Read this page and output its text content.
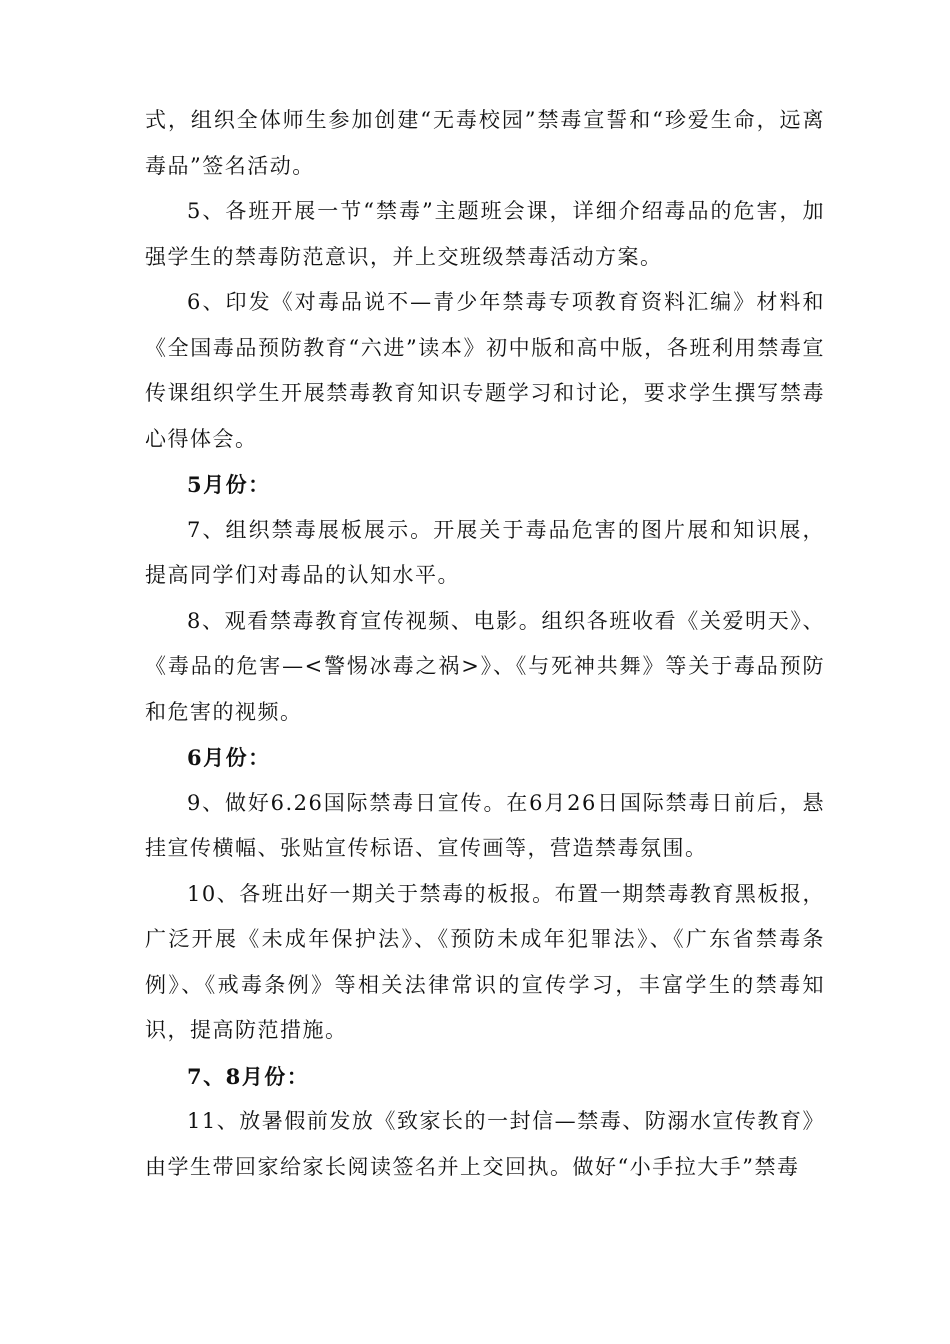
式，组织全体师生参加创建“无毒校园”禁毒宣誓和“珍爱生命，远离毒品”签名活动。

5、各班开展一节“禁毒”主题班会课，详细介绍毒品的危害，加强学生的禁毒防范意识，并上交班级禁毒活动方案。

6、印发《对毒品说不—青少年禁毒专项教育资料汇编》材料和《全国毒品预防教育“六进”读本》初中版和高中版，各班利用禁毒宣传课组织学生开展禁毒教育知识专题学习和讨论，要求学生撰写禁毒心得体会。

5月份：

7、组织禁毒展板展示。开展关于毒品危害的图片展和知识展，提高同学们对毒品的认知水平。

8、观看禁毒教育宣传视频、电影。组织各班收看《关爱明天》、《毒品的危害—<警惕冰毒之祸>》、《与死神共舞》等关于毒品预防和危害的视频。

6月份：

9、做好6.26国际禁毒日宣传。在6月26日国际禁毒日前后，悬挂宣传横幅、张贴宣传标语、宣传画等，营造禁毒氛围。

10、各班出好一期关于禁毒的板报。布置一期禁毒教育黑板报，广泛开展《未成年保护法》、《预防未成年犯罪法》、《广东省禁毒条例》、《戒毒条例》等相关法律常识的宣传学习，丰富学生的禁毒知识，提高防范措施。

7、8月份：

11、放暑假前发放《致家长的一封信—禁毒、防溺水宣传教育》由学生带回家给家长阅读签名并上交回执。做好“小手拉大手”禁毒
